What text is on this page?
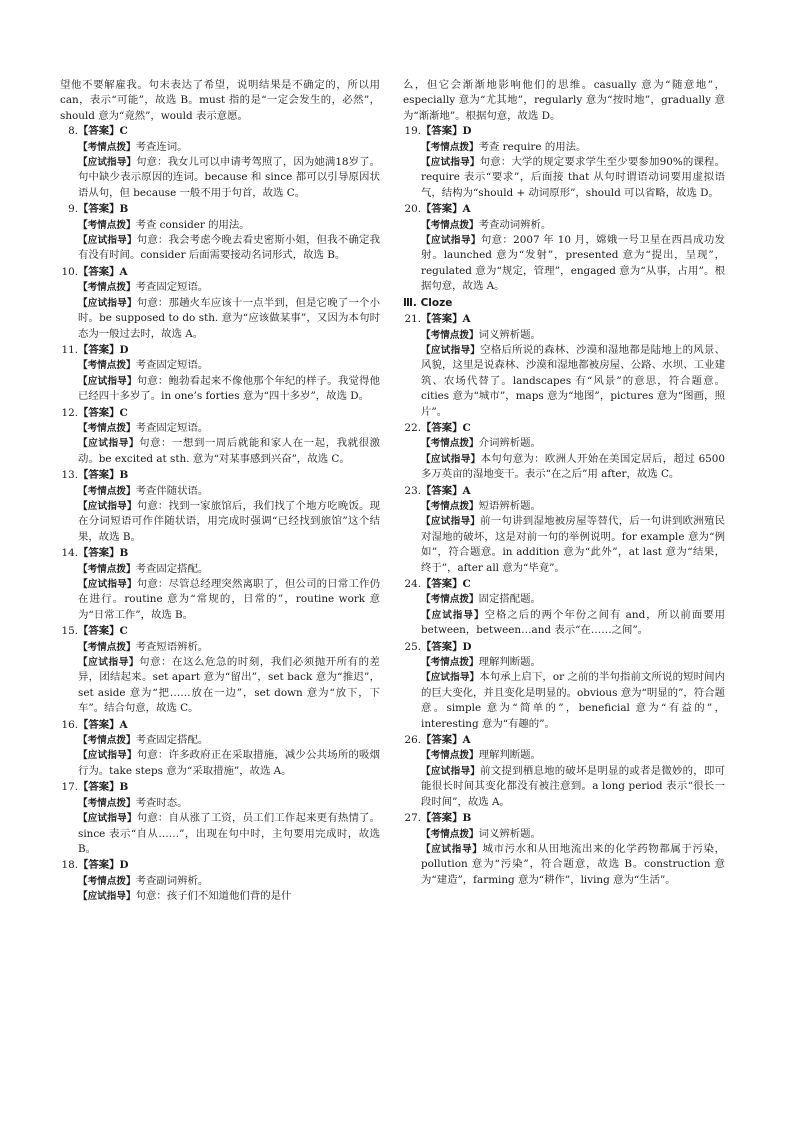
望他不要解雇我。句末表达了希望，说明结果是不确定的，所以用 can，表示“可能”，故选 B。must 指的是“一定会发生的，必然”，should 意为“竟然”，would 表示意愿。

8.【答案】C
【考情点拨】考查连词。
【应试指导】句意：我女儿可以申请考驾照了，因为她满18岁了。句中缺少表示原因的连词。because 和 since 都可以引导原因状语从句，但 because 一般不用于句首，故选 C。
9.【答案】B
【考情点拨】考查 consider 的用法。
【应试指导】句意：我会考虑今晚去看史密斯小姐，但我不确定我有没有时间。consider 后面需要接动名词形式，故选 B。
10.【答案】A
【考情点拨】考查固定短语。
【应试指导】句意：那趟火车应该十一点半到，但是它晚了一个小时。be supposed to do sth. 意为“应该做某事”，又因为本句时态为一般过去时，故选 A。
11.【答案】D
【考情点拨】考查固定短语。
【应试指导】句意：鲍勃看起来不像他那个年纪的样子。我觉得他已经四十多岁了。in one’s forties 意为“四十多岁”，故选 D。
12.【答案】C
【考情点拨】考查固定短语。
【应试指导】句意：一想到一周后就能和家人在一起，我就很激动。be excited at sth. 意为“对某事感到兴奋”，故选 C。
13.【答案】B
【考情点拨】考查伴随状语。
【应试指导】句意：找到一家旅馆后，我们找了个地方吃晚饭。现在分词短语可作伴随状语，用完成时强调“已经找到旅馆”这个结果，故选 B。
14.【答案】B
【考情点拨】考查固定搭配。
【应试指导】句意：尽管总经理突然离职了，但公司的日常工作仍在进行。routine 意为“常规的，日常的”，routine work 意为“日常工作”，故选 B。
15.【答案】C
【考情点拨】考查短语辨析。
【应试指导】句意：在这么危急的时刻，我们必须抛开所有的差异，团结起来。set apart 意为“留出”，set back 意为“推迟”，set aside 意为“把……放在一边”，set down 意为“放下，下车”。结合句意，故选 C。
16.【答案】A
【考情点拨】考查固定搭配。
【应试指导】句意：许多政府正在采取措施，减少公共场所的吸烟行为。take steps 意为“采取措施”，故选 A。
17.【答案】B
【考情点拨】考查时态。
【应试指导】句意：自从涨了工资，员工们工作起来更有热情了。since 表示“自从……”，出现在句中时，主句要用完成时，故选 B。
18.【答案】D
【考情点拨】考查副词辨析。
【应试指导】句意：孩子们不知道他们背的是什

么，但它会渐渐地影响他们的思维。casually 意为“随意地”，especially 意为“尤其地”，regularly 意为“按时地”，gradually 意为“渐渐地”。根据句意，故选 D。

19.【答案】D
【考情点拨】考查 require 的用法。
【应试指导】句意：大学的规定要求学生至少要参加90%的课程。require 表示“要求”，后面接 that 从句时谓语动词要用虚拟语气，结构为“should + 动词原形”，should 可以省略，故选 D。
20.【答案】A
【考情点拨】考查动词辨析。
【应试指导】句意：2007 年 10 月，嫦娥一号卫星在西昌成功发射。launched 意为“发射”，presented 意为“提出，呈现”，regulated 意为“规定，管理”，engaged 意为“从事，占用”。根据句意，故选 A。
Ⅲ. Cloze
21.【答案】A
【考情点拨】词义辨析题。
【应试指导】空格后所说的森林、沙漠和湿地都是陆地上的风景、风貌，这里是说森林、沙漠和湿地都被房屋、公路、水坝、工业建筑、农场代替了。landscapes 有“风景”的意思，符合题意。cities 意为“城市”，maps 意为“地图”，pictures 意为“图画，照片”。
22.【答案】C
【考情点拨】介词辨析题。
【应试指导】本句句意为：欧洲人开始在美国定居后，超过 6500 多万英亩的湿地变干。表示“在之后”用 after，故选 C。
23.【答案】A
【考情点拨】短语辨析题。
【应试指导】前一句讲到湿地被房屋等替代，后一句讲到欧洲殖民对湿地的破坏，这是对前一句的举例说明。for example 意为“例如”，符合题意。in addition 意为“此外”，at last 意为“结果，终于”，after all 意为“毕竟”。
24.【答案】C
【考情点拨】固定搭配题。
【应试指导】空格之后的两个年份之间有 and，所以前面要用 between，between…and 表示“在……之间”。
25.【答案】D
【考情点拨】理解判断题。
【应试指导】本句承上启下，or 之前的半句指前文所说的短时间内的巨大变化，并且变化是明显的。obvious 意为“明显的”，符合题意。simple 意为“简单的”，beneficial 意为“有益的”，interesting 意为“有趣的”。
26.【答案】A
【考情点拨】理解判断题。
【应试指导】前文提到栖息地的破坏是明显的或者是微妙的，即可能很长时间其变化都没有被注意到。a long period 表示“很长一段时间”，故选 A。
27.【答案】B
【考情点拨】词义辨析题。
【应试指导】城市污水和从田地流出来的化学药物都属于污染，pollution 意为“污染”，符合题意，故选 B。construction 意为“建造”，farming 意为“耕作”，living 意为“生活”。
